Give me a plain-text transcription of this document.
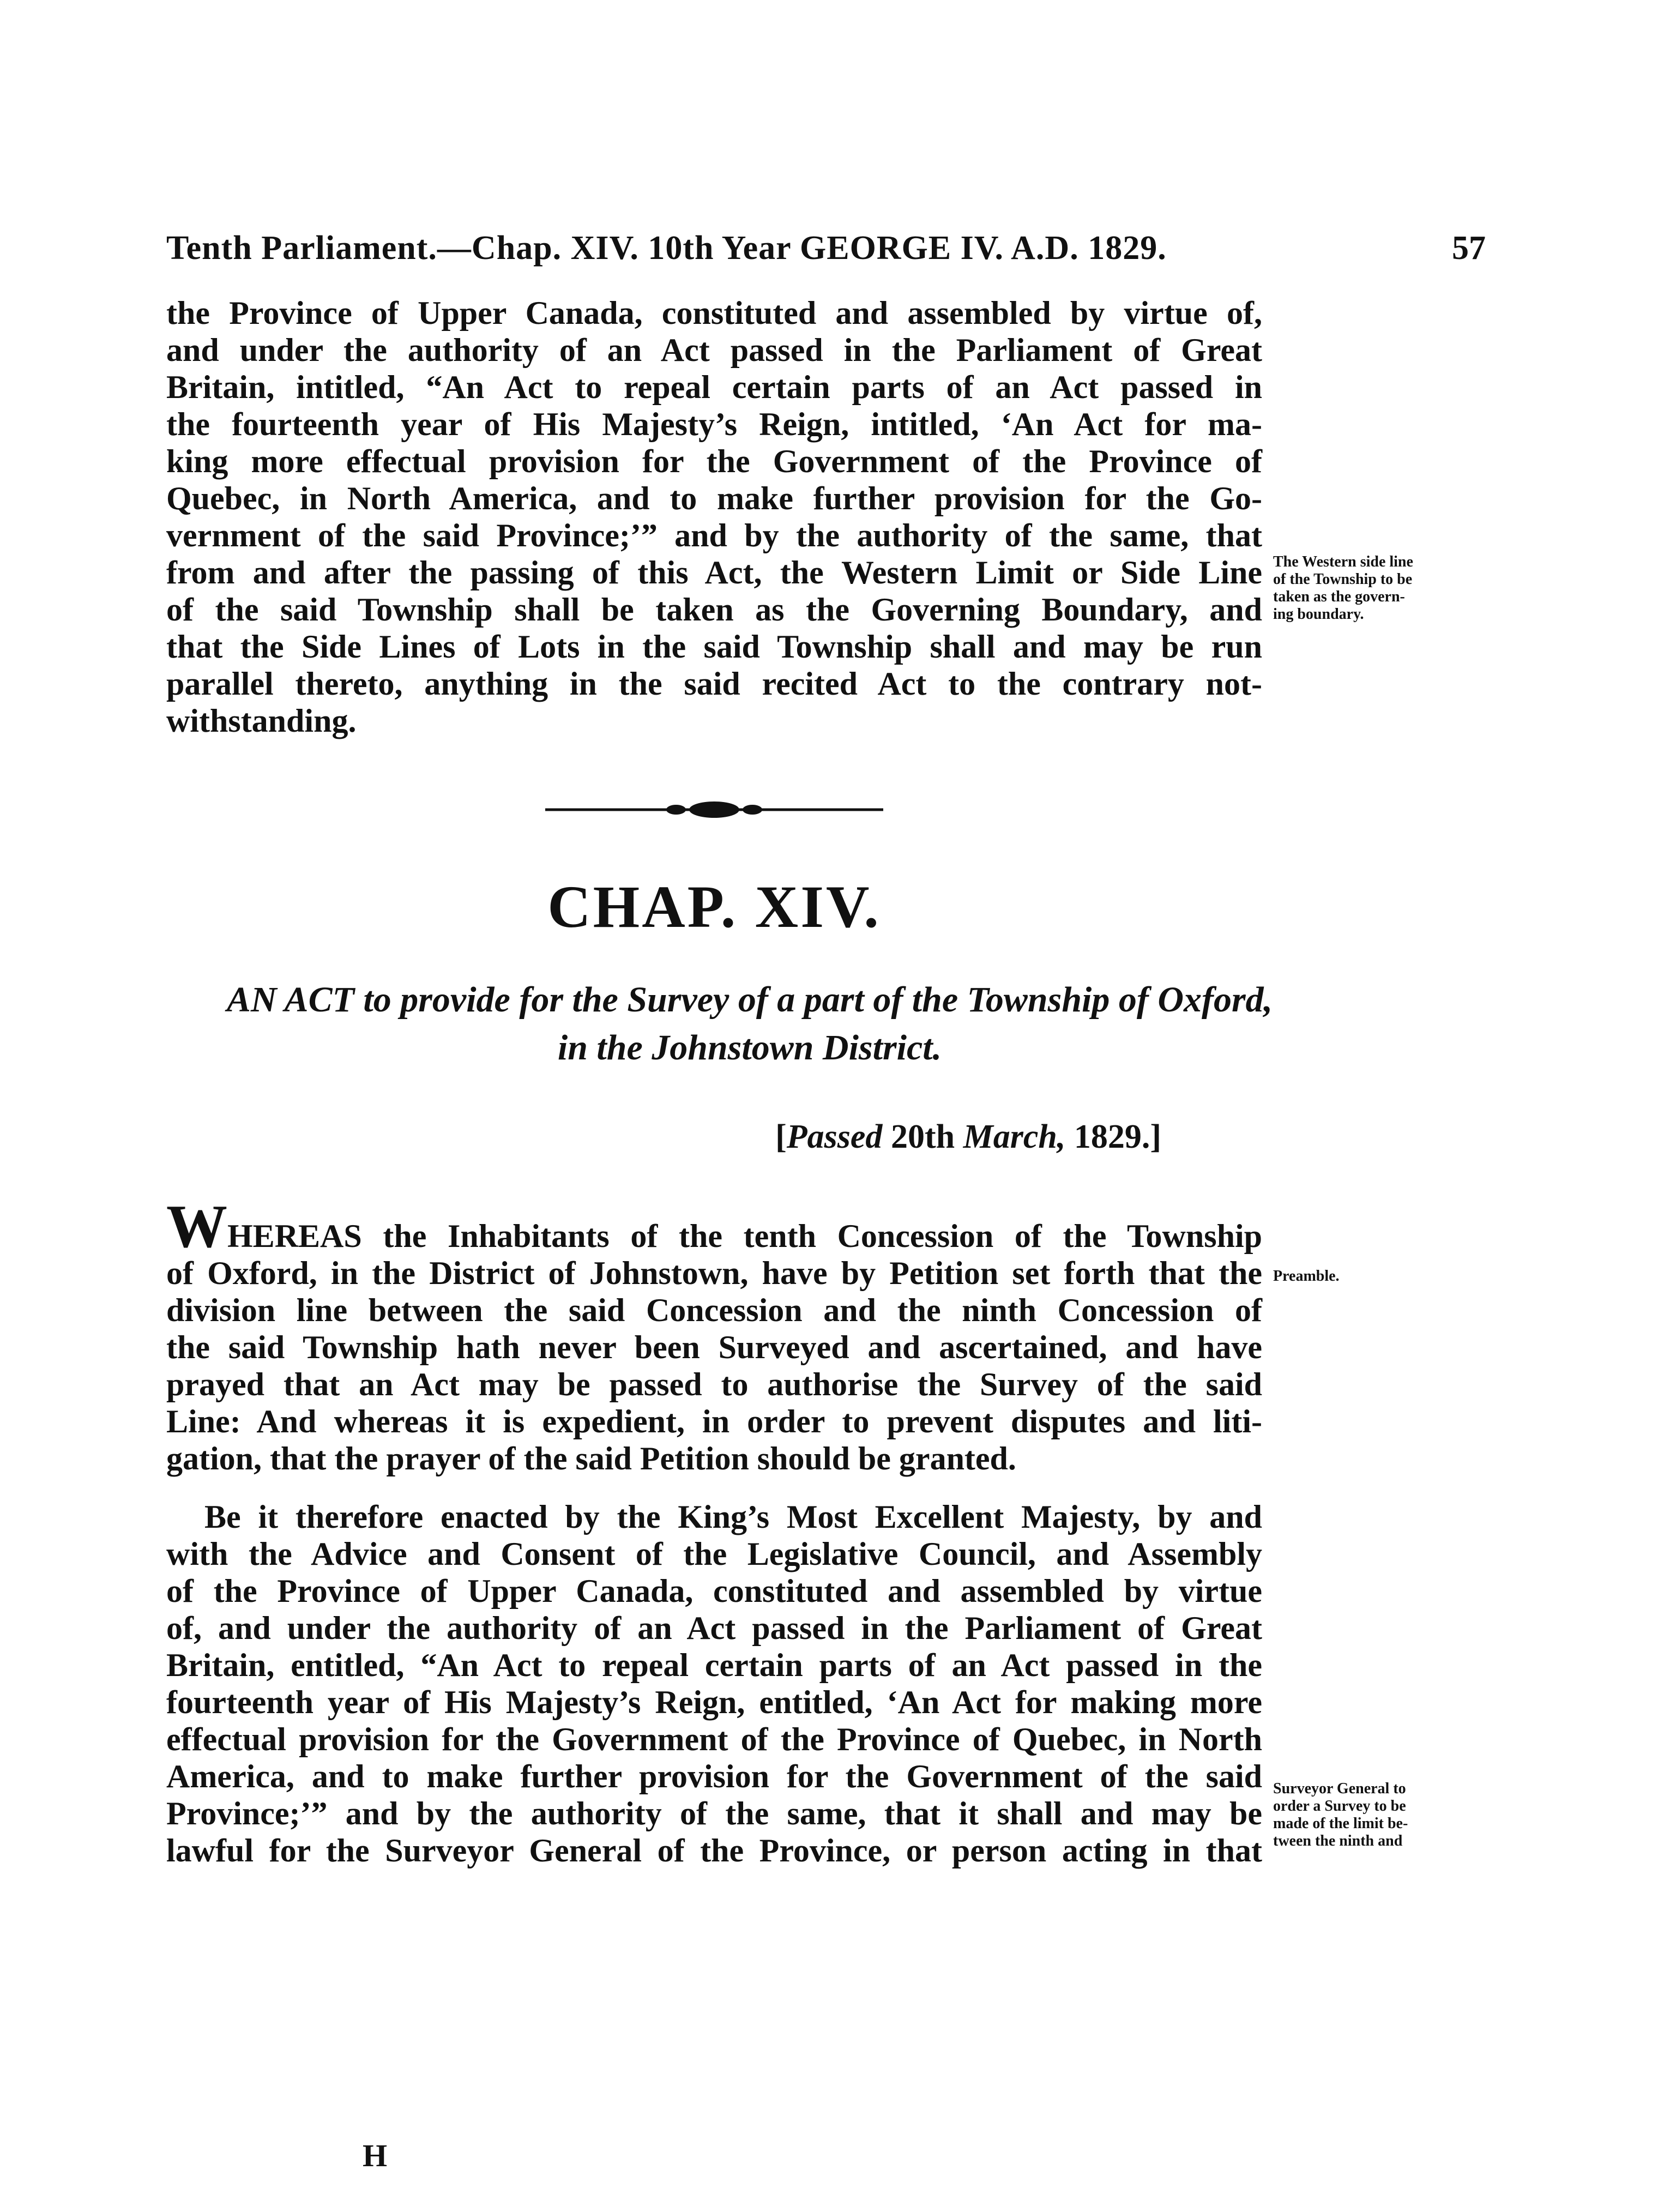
Tenth Parliament.—Chap. XIV. 10th Year GEORGE IV. A.D. 1829.	57
the Province of Upper Canada, constituted and assembled by virtue of,
and under the authority of an Act passed in the Parliament of Great
Britain, intitled, “An Act to repeal certain parts of an Act passed in
the fourteenth year of His Majesty’s Reign, intitled, ‘An Act for ma-
king more effectual provision for the Government of the Province of
Quebec, in North America, and to make further provision for the Go-
vernment of the said Province;’” and by the authority of the same, that
from and after the passing of this Act, the Western Limit or Side Line
of the said Township shall be taken as the Governing Boundary, and
that the Side Lines of Lots in the said Township shall and may be run
parallel thereto, anything in the said recited Act to the contrary not-
withstanding.
The Western side line
of the Township to be
taken as the govern-
ing boundary.
CHAP. XIV.
AN ACT to provide for the Survey of a part of the Township of Oxford,
in the Johnstown District.
[Passed 20th March, 1829.]
WHEREAS the Inhabitants of the tenth Concession of the Township
of Oxford, in the District of Johnstown, have by Petition set forth that the
division line between the said Concession and the ninth Concession of
the said Township hath never been Surveyed and ascertained, and have
prayed that an Act may be passed to authorise the Survey of the said
Line: And whereas it is expedient, in order to prevent disputes and liti-
gation, that the prayer of the said Petition should be granted.
Preamble.
Be it therefore enacted by the King’s Most Excellent Majesty, by and
with the Advice and Consent of the Legislative Council, and Assembly
of the Province of Upper Canada, constituted and assembled by virtue
of, and under the authority of an Act passed in the Parliament of Great
Britain, entitled, “An Act to repeal certain parts of an Act passed in the
fourteenth year of His Majesty’s Reign, entitled, ‘An Act for making more
effectual provision for the Government of the Province of Quebec, in North
America, and to make further provision for the Government of the said
Province;’” and by the authority of the same, that it shall and may be
lawful for the Surveyor General of the Province, or person acting in that
Surveyor General to
order a Survey to be
made of the limit be-
tween the ninth and
H
